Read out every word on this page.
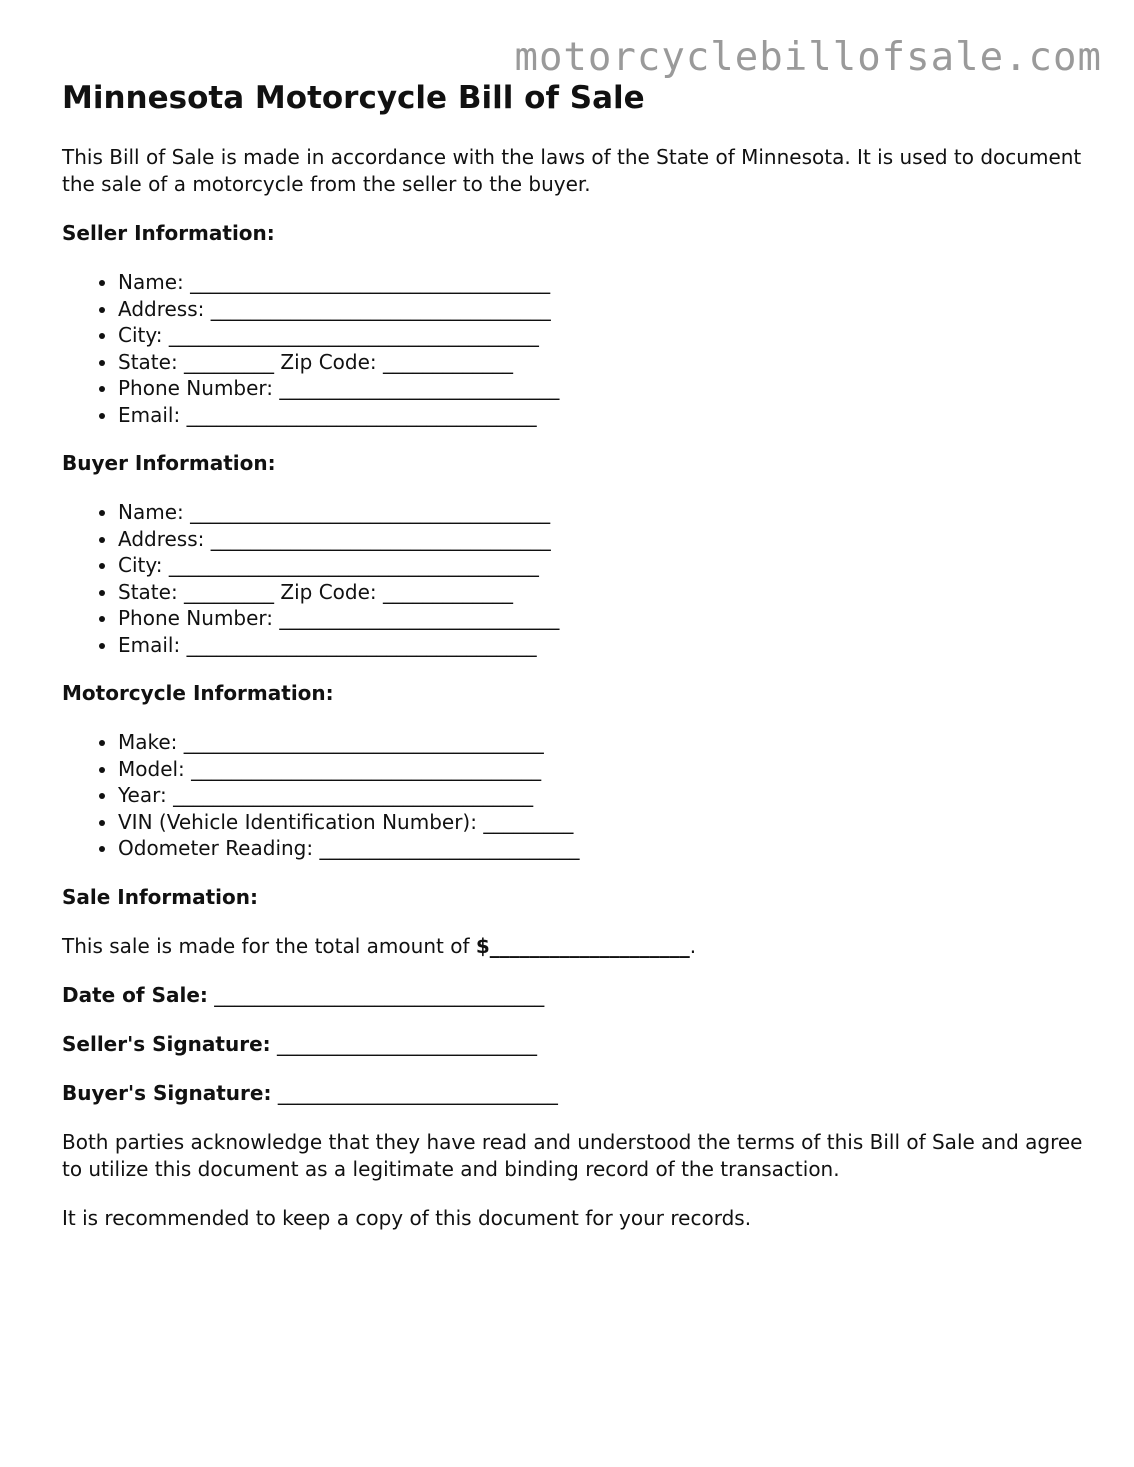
motorcyclebillofsale.com
Minnesota Motorcycle Bill of Sale

This Bill of Sale is made in accordance with the laws of the State of Minnesota. It is used to document the sale of a motorcycle from the seller to the buyer.

Seller Information:

• Name: ____________________________________
• Address: __________________________________
• City: _____________________________________
• State: _________ Zip Code: _____________
• Phone Number: ____________________________
• Email: ___________________________________

Buyer Information:

• Name: ____________________________________
• Address: __________________________________
• City: _____________________________________
• State: _________ Zip Code: _____________
• Phone Number: ____________________________
• Email: ___________________________________

Motorcycle Information:

• Make: ____________________________________
• Model: ___________________________________
• Year: ____________________________________
• VIN (Vehicle Identification Number): _________
• Odometer Reading: __________________________

Sale Information:

This sale is made for the total amount of $____________________.

Date of Sale: _________________________________

Seller's Signature: __________________________

Buyer's Signature: ____________________________

Both parties acknowledge that they have read and understood the terms of this Bill of Sale and agree to utilize this document as a legitimate and binding record of the transaction.

It is recommended to keep a copy of this document for your records.
